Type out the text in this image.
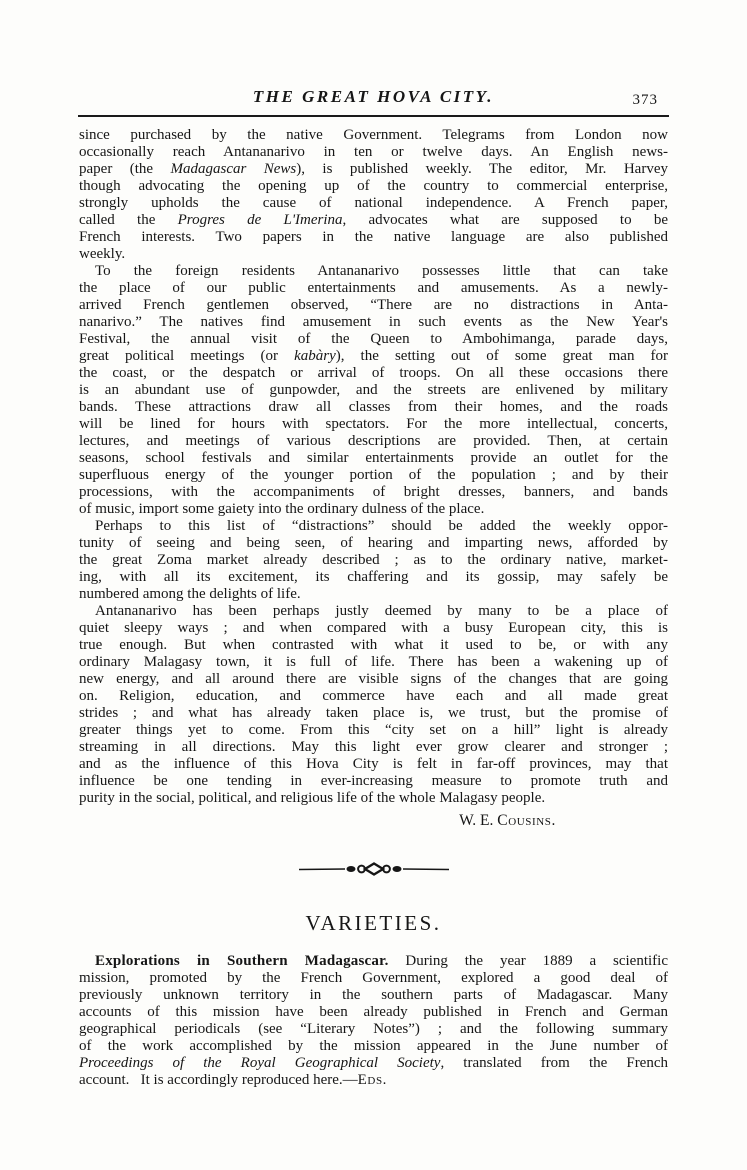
THE GREAT HOVA CITY.	373
since purchased by the native Government. Telegrams from London now
occasionally reach Antananarivo in ten or twelve days. An English news-
paper (the Madagascar News), is published weekly. The editor, Mr. Harvey
though advocating the opening up of the country to commercial enterprise,
strongly upholds the cause of national independence. A French paper,
called the Progres de L'Imerina, advocates what are supposed to be
French interests. Two papers in the native language are also published
weekly.
To the foreign residents Antananarivo possesses little that can take
the place of our public entertainments and amusements. As a newly-
arrived French gentlemen observed, “There are no distractions in Anta-
nanarivo.” The natives find amusement in such events as the New Year's
Festival, the annual visit of the Queen to Ambohimanga, parade days,
great political meetings (or kabàry), the setting out of some great man for
the coast, or the despatch or arrival of troops. On all these occasions there
is an abundant use of gunpowder, and the streets are enlivened by military
bands. These attractions draw all classes from their homes, and the roads
will be lined for hours with spectators. For the more intellectual, concerts,
lectures, and meetings of various descriptions are provided. Then, at certain
seasons, school festivals and similar entertainments provide an outlet for the
superfluous energy of the younger portion of the population ; and by their
processions, with the accompaniments of bright dresses, banners, and bands
of music, import some gaiety into the ordinary dulness of the place.
Perhaps to this list of “distractions” should be added the weekly oppor-
tunity of seeing and being seen, of hearing and imparting news, afforded by
the great Zoma market already described ; as to the ordinary native, market-
ing, with all its excitement, its chaffering and its gossip, may safely be
numbered among the delights of life.
Antananarivo has been perhaps justly deemed by many to be a place of
quiet sleepy ways ; and when compared with a busy European city, this is
true enough. But when contrasted with what it used to be, or with any
ordinary Malagasy town, it is full of life. There has been a wakening up of
new energy, and all around there are visible signs of the changes that are going
on. Religion, education, and commerce have each and all made great
strides ; and what has already taken place is, we trust, but the promise of
greater things yet to come. From this “city set on a hill” light is already
streaming in all directions. May this light ever grow clearer and stronger ;
and as the influence of this Hova City is felt in far-off provinces, may that
influence be one tending in ever-increasing measure to promote truth and
purity in the social, political, and religious life of the whole Malagasy people.
W. E. Cousins.
VARIETIES.
Explorations in Southern Madagascar. During the year 1889 a scientific
mission, promoted by the French Government, explored a good deal of
previously unknown territory in the southern parts of Madagascar. Many
accounts of this mission have been already published in French and German
geographical periodicals (see “Literary Notes”) ; and the following summary
of the work accomplished by the mission appeared in the June number of
Proceedings of the Royal Geographical Society, translated from the French
account.  It is accordingly reproduced here.—Eds.
